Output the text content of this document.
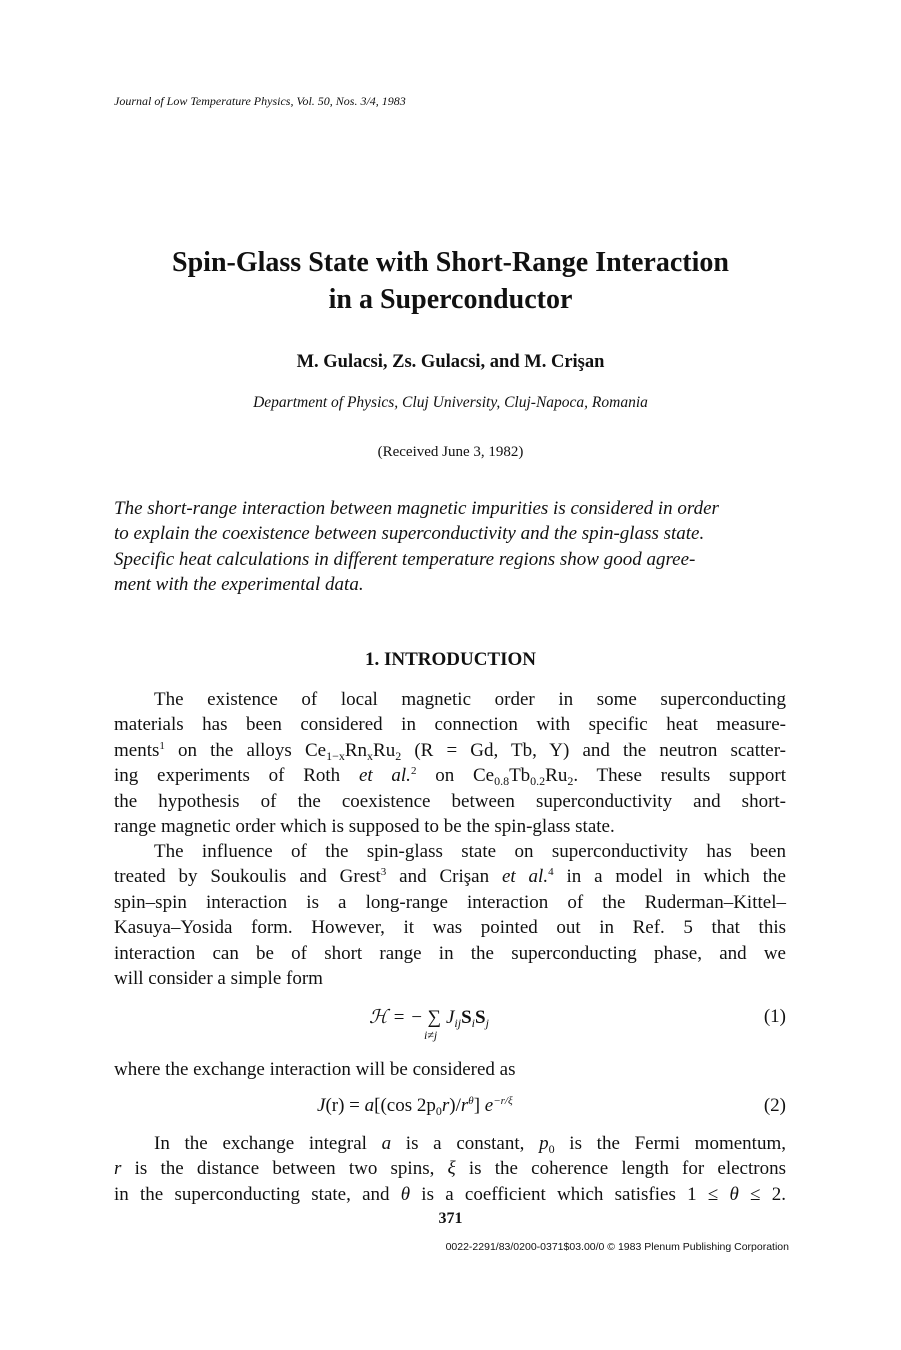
Journal of Low Temperature Physics, Vol. 50, Nos. 3/4, 1983
Spin-Glass State with Short-Range Interaction
in a Superconductor
M. Gulacsi, Zs. Gulacsi, and M. Crişan
Department of Physics, Cluj University, Cluj-Napoca, Romania
(Received June 3, 1982)
The short-range interaction between magnetic impurities is considered in order
to explain the coexistence between superconductivity and the spin-glass state.
Specific heat calculations in different temperature regions show good agree-
ment with the experimental data.
1. INTRODUCTION
The existence of local magnetic order in some superconducting
materials has been considered in connection with specific heat measure-
ments$^1$ on the alloys $Ce_{1-x}Rn_xRu_2$ (R = Gd, Tb, Y) and the neutron scatter-
ing experiments of Roth et al.$^2$ on $Ce_{0.8}Tb_{0.2}Ru_2$. These results support
the hypothesis of the coexistence between superconductivity and short-
range magnetic order which is supposed to be the spin-glass state.
The influence of the spin-glass state on superconductivity has been
treated by Soukoulis and Grest$^3$ and Crişan et al.$^4$ in a model in which the
spin–spin interaction is a long-range interaction of the Ruderman–Kittel–
Kasuya–Yosida form. However, it was pointed out in Ref. 5 that this
interaction can be of short range in the superconducting phase, and we
will consider a simple form
ℋ = − ∑ $J_{ij}S_iS_j$
i≠j
(1)
where the exchange interaction will be considered as
J(r) = a[(cos $2p_0r)/r^\theta$] $e^{-r/\xi}$	(2)
In the exchange integral a is a constant, $p_0$ is the Fermi momentum,
r is the distance between two spins, ξ is the coherence length for electrons
in the superconducting state, and θ is a coefficient which satisfies 1 ≤ θ ≤ 2.
371
0022-2291/83/0200-0371$03.00/0 © 1983 Plenum Publishing Corporation
